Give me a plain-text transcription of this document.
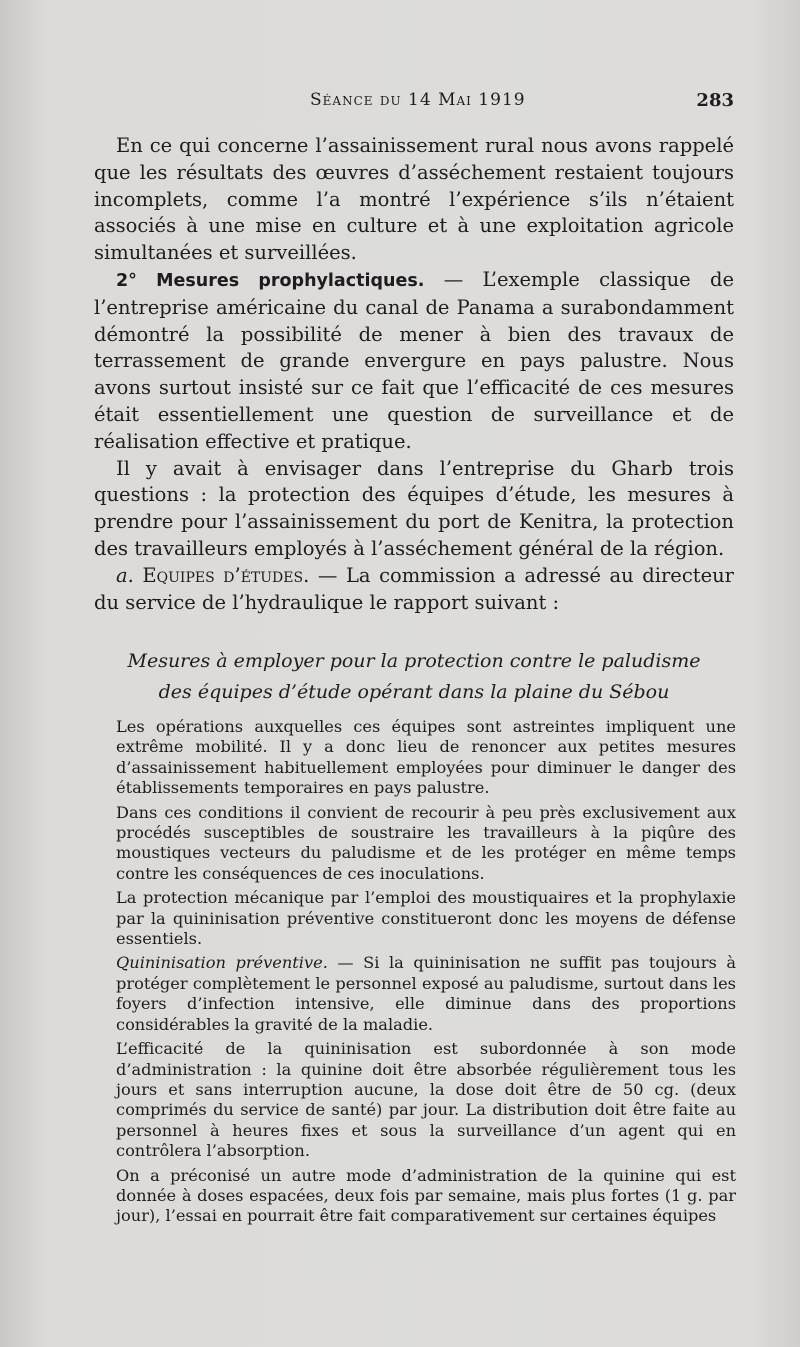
Séance du 14 Mai 1919	283

En ce qui concerne l’assainissement rural nous avons rappelé que les résultats des œuvres d’asséchement restaient toujours incomplets, comme l’a montré l’expérience s’ils n’étaient associés à une mise en culture et à une exploitation agricole simultanées et surveillées.

2° Mesures prophylactiques. — L’exemple classique de l’entreprise américaine du canal de Panama a surabondamment démontré la possibilité de mener à bien des travaux de terrassement de grande envergure en pays palustre. Nous avons surtout insisté sur ce fait que l’efficacité de ces mesures était essentiellement une question de surveillance et de réalisation effective et pratique.

Il y avait à envisager dans l’entreprise du Gharb trois questions : la protection des équipes d’étude, les mesures à prendre pour l’assainissement du port de Kenitra, la protection des travailleurs employés à l’asséchement général de la région.

a. Equipes d’études. — La commission a adressé au directeur du service de l’hydraulique le rapport suivant :

Mesures à employer pour la protection contre le paludisme
des équipes d’étude opérant dans la plaine du Sébou

Les opérations auxquelles ces équipes sont astreintes impliquent une extrême mobilité. Il y a donc lieu de renoncer aux petites mesures d’assainissement habituellement employées pour diminuer le danger des établissements temporaires en pays palustre.

Dans ces conditions il convient de recourir à peu près exclusivement aux procédés susceptibles de soustraire les travailleurs à la piqûre des moustiques vecteurs du paludisme et de les protéger en même temps contre les conséquences de ces inoculations.

La protection mécanique par l’emploi des moustiquaires et la prophylaxie par la quininisation préventive constitueront donc les moyens de défense essentiels.

Quininisation préventive. — Si la quininisation ne suffit pas toujours à protéger complètement le personnel exposé au paludisme, surtout dans les foyers d’infection intensive, elle diminue dans des proportions considérables la gravité de la maladie.

L’efficacité de la quininisation est subordonnée à son mode d’administration : la quinine doit être absorbée régulièrement tous les jours et sans interruption aucune, la dose doit être de 50 cg. (deux comprimés du service de santé) par jour. La distribution doit être faite au personnel à heures fixes et sous la surveillance d’un agent qui en contrôlera l’absorption.

On a préconisé un autre mode d’administration de la quinine qui est donnée à doses espacées, deux fois par semaine, mais plus fortes (1 g. par jour), l’essai en pourrait être fait comparativement sur certaines équipes
